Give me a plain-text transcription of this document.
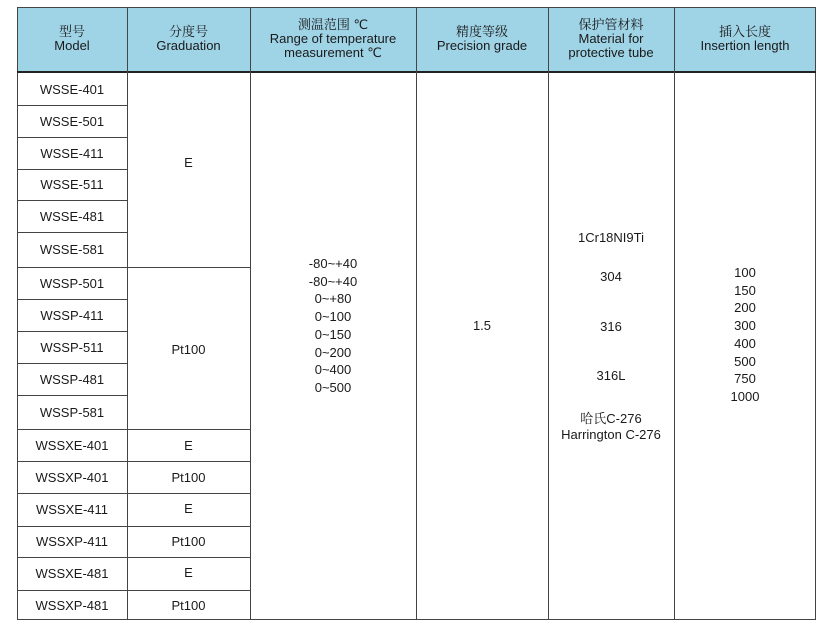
型号
Model
分度号
Graduation
测温范围 ℃
Range of temperature
measurement ℃
精度等级
Precision grade
保护管材料
Material for
protective tube
插入长度
Insertion length
WSSE-401
WSSE-501
WSSE-411
WSSE-511
WSSE-481
WSSE-581
WSSP-501
WSSP-411
WSSP-511
WSSP-481
WSSP-581
WSSXE-401
WSSXP-401
WSSXE-411
WSSXP-411
WSSXE-481
WSSXP-481
E
Pt100
E
Pt100
E
Pt100
E
Pt100
-80~+40
-80~+40
0~+80
0~100
0~150
0~200
0~400
0~500
1.5
1Cr18NI9Ti
304
316
316L
哈氏C-276
Harrington C-276
100
150
200
300
400
500
750
1000
